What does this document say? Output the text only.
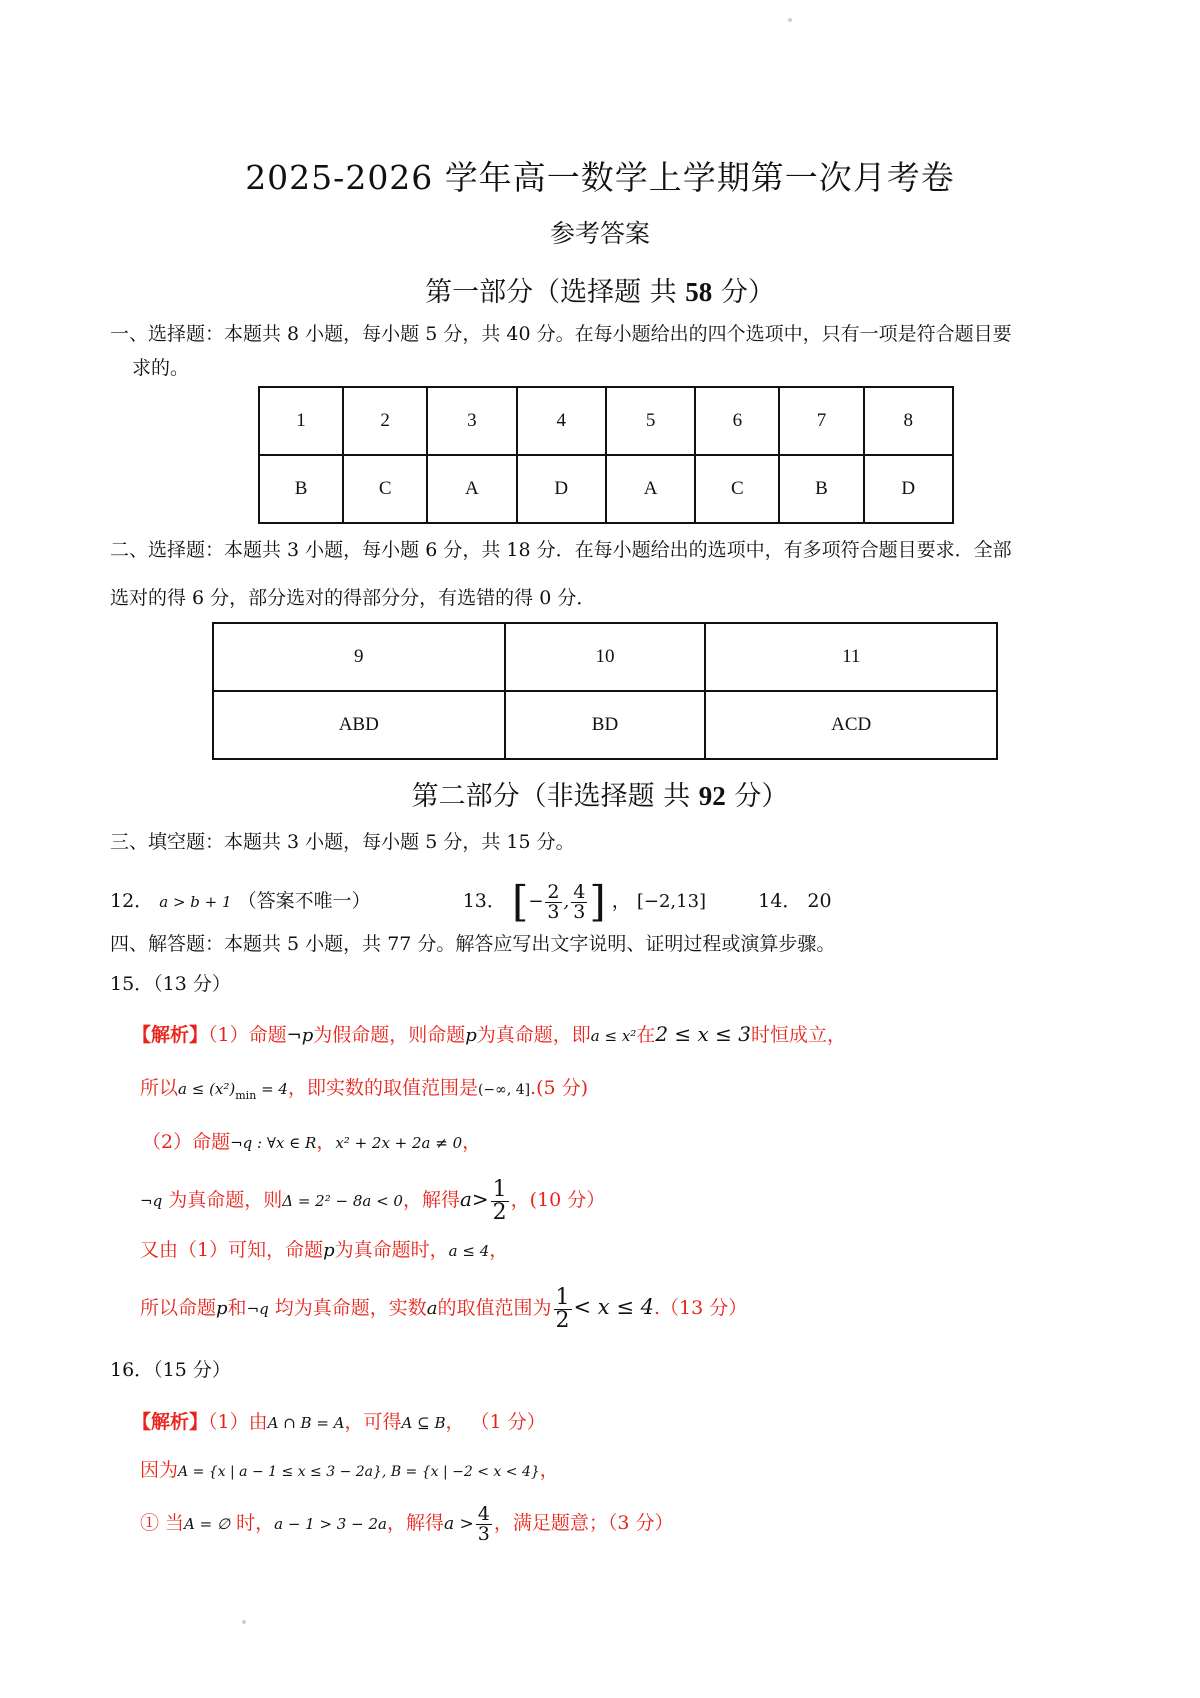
2025-2026 学年高一数学上学期第一次月考卷
参考答案
第一部分（选择题 共 58 分）
一、选择题：本题共 8 小题，每小题 5 分，共 40 分。在每小题给出的四个选项中，只有一项是符合题目要
求的。
1	2	3	4	5	6	7	8
B	C	A	D	A	C	B	D
二、选择题：本题共 3 小题，每小题 6 分，共 18 分．在每小题给出的选项中，有多项符合题目要求．全部
选对的得 6 分，部分选对的得部分分，有选错的得 0 分．
9	10	11
ABD	BD	ACD
第二部分（非选择题 共 92 分）
三、填空题：本题共 3 小题，每小题 5 分，共 15 分。
12． a > b + 1 （答案不唯一）	13． [− $\frac{2}{3}$ , $\frac{4}{3}$ ] ， [−2,13]	14． 20
四、解答题：本题共 5 小题，共 77 分。解答应写出文字说明、证明过程或演算步骤。
15．（13 分）
【解析】（1）命题¬p为假命题，则命题p为真命题，即a ≤ x²在2 ≤ x ≤ 3时恒成立，
所以$a \le (x^2)_{min} = 4$，即实数的取值范围是(−∞, 4].(5 分)
（2）命题¬q : ∀x ∈ R，x² + 2x + 2a ≠ 0，
¬q 为真命题，则Δ = 2² − 8a < 0，解得$a> \frac{1}{2}$ ，(10 分）
又由（1）可知，命题p为真命题时，a ≤ 4，
所以命题p和¬q 均为真命题，实数a的取值范围为 $\frac{1}{2} < x \le 4.(13$ 分）
16．（15 分）
【解析】（1）由A ∩ B = A，可得A ⊆ B， （1 分）
因为A = {x | a − 1 ≤ x ≤ 3 − 2a}, B = {x | −2 < x < 4}，
① 当A = ∅ 时，a − 1 > 3 − 2a，解得$a > \frac{4}{3}$ ，满足题意；（3 分）
